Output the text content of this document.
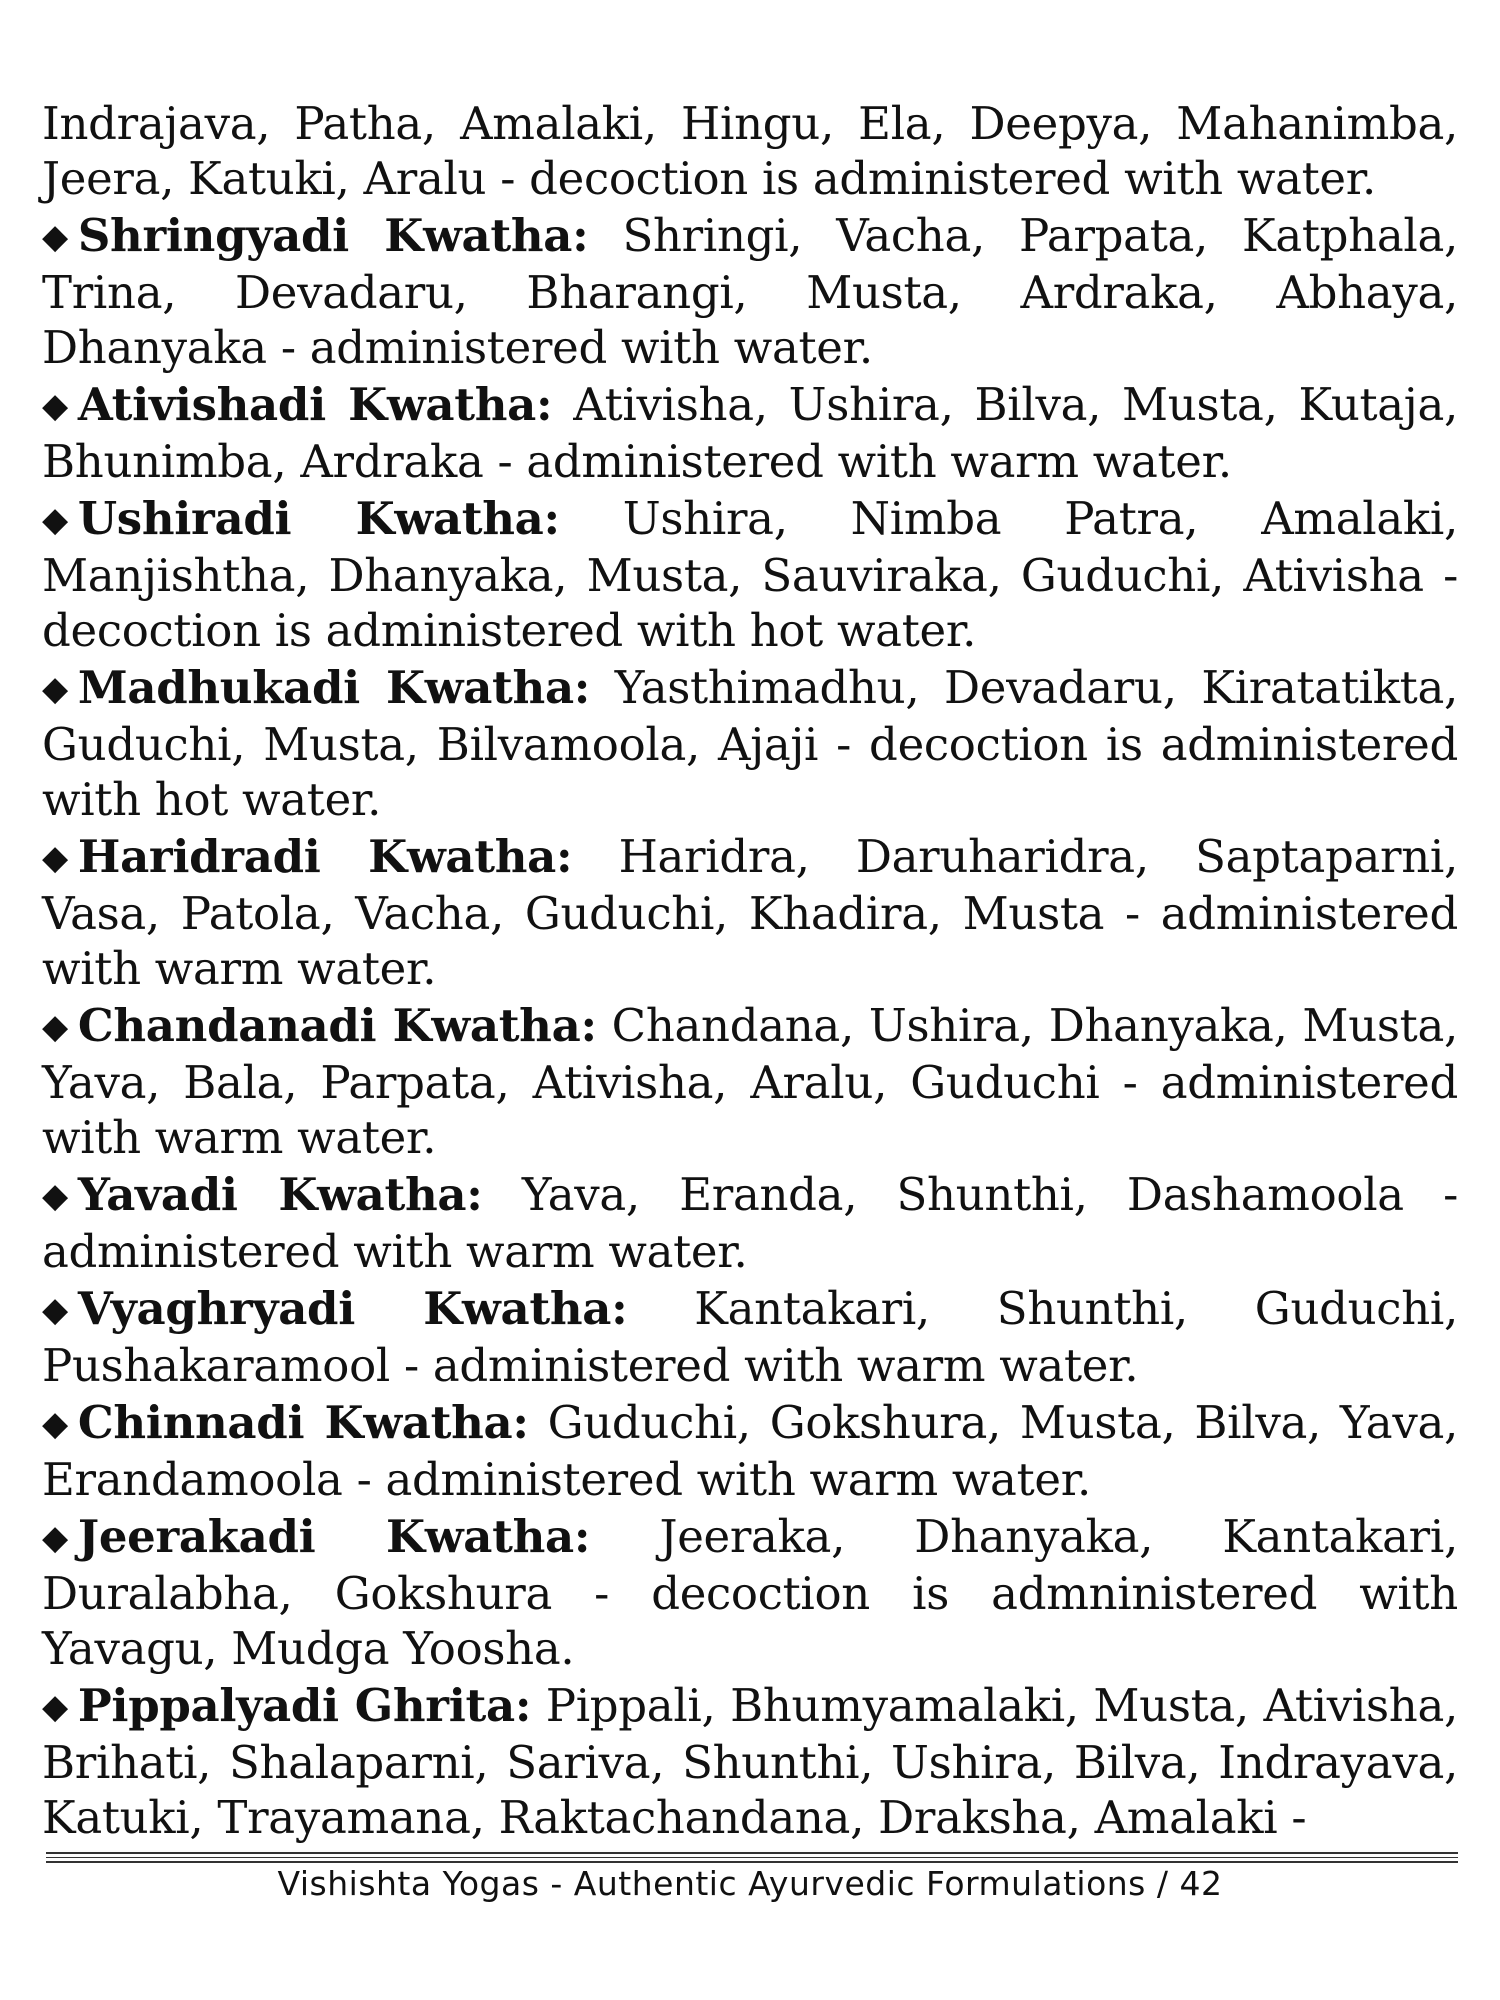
Indrajava, Patha, Amalaki, Hingu, Ela, Deepya, Mahanimba, Jeera, Katuki, Aralu - decoction is administered with water.

◆ Shringyadi Kwatha: Shringi, Vacha, Parpata, Katphala, Trina, Devadaru, Bharangi, Musta, Ardraka, Abhaya, Dhanyaka - administered with water.

◆ Ativishadi Kwatha: Ativisha, Ushira, Bilva, Musta, Kutaja, Bhunimba, Ardraka - administered with warm water.

◆ Ushiradi Kwatha: Ushira, Nimba Patra, Amalaki, Manjishtha, Dhanyaka, Musta, Sauviraka, Guduchi, Ativisha - decoction is administered with hot water.

◆ Madhukadi Kwatha: Yasthimadhu, Devadaru, Kiratatikta, Guduchi, Musta, Bilvamoola, Ajaji - decoction is administered with hot water.

◆ Haridradi Kwatha: Haridra, Daruharidra, Saptaparni, Vasa, Patola, Vacha, Guduchi, Khadira, Musta - administered with warm water.

◆ Chandanadi Kwatha: Chandana, Ushira, Dhanyaka, Musta, Yava, Bala, Parpata, Ativisha, Aralu, Guduchi - administered with warm water.

◆ Yavadi Kwatha: Yava, Eranda, Shunthi, Dashamoola - administered with warm water.

◆ Vyaghryadi Kwatha: Kantakari, Shunthi, Guduchi, Pushakaramool - administered with warm water.

◆ Chinnadi Kwatha: Guduchi, Gokshura, Musta, Bilva, Yava, Erandamoola - administered with warm water.

◆ Jeerakadi Kwatha: Jeeraka, Dhanyaka, Kantakari, Duralabha, Gokshura - decoction is admninistered with Yavagu, Mudga Yoosha.

◆ Pippalyadi Ghrita: Pippali, Bhumyamalaki, Musta, Ativisha, Brihati, Shalaparni, Sariva, Shunthi, Ushira, Bilva, Indrayava, Katuki, Trayamana, Raktachandana, Draksha, Amalaki -

Vishishta Yogas - Authentic Ayurvedic Formulations / 42
